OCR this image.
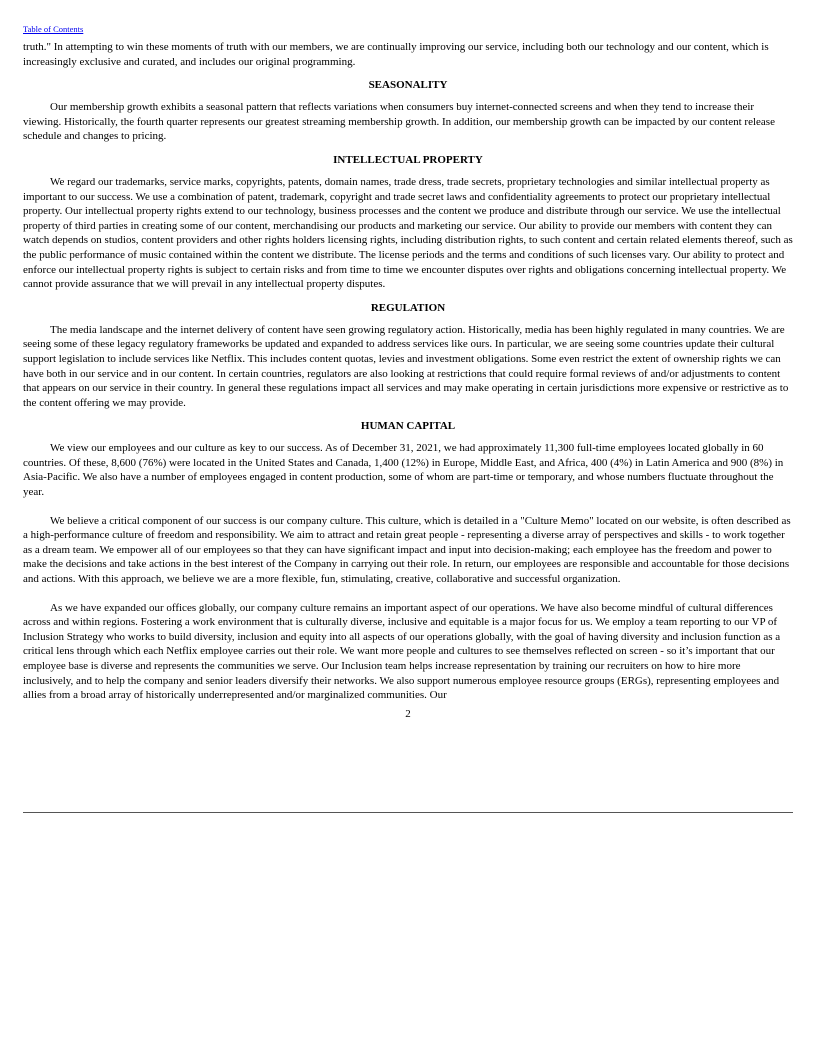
Table of Contents

truth." In attempting to win these moments of truth with our members, we are continually improving our service, including both our technology and our content, which is increasingly exclusive and curated, and includes our original programming.

SEASONALITY

Our membership growth exhibits a seasonal pattern that reflects variations when consumers buy internet-connected screens and when they tend to increase their viewing. Historically, the fourth quarter represents our greatest streaming membership growth. In addition, our membership growth can be impacted by our content release schedule and changes to pricing.

INTELLECTUAL PROPERTY

We regard our trademarks, service marks, copyrights, patents, domain names, trade dress, trade secrets, proprietary technologies and similar intellectual property as important to our success. We use a combination of patent, trademark, copyright and trade secret laws and confidentiality agreements to protect our proprietary intellectual property. Our intellectual property rights extend to our technology, business processes and the content we produce and distribute through our service. We use the intellectual property of third parties in creating some of our content, merchandising our products and marketing our service. Our ability to provide our members with content they can watch depends on studios, content providers and other rights holders licensing rights, including distribution rights, to such content and certain related elements thereof, such as the public performance of music contained within the content we distribute. The license periods and the terms and conditions of such licenses vary. Our ability to protect and enforce our intellectual property rights is subject to certain risks and from time to time we encounter disputes over rights and obligations concerning intellectual property. We cannot provide assurance that we will prevail in any intellectual property disputes.

REGULATION

The media landscape and the internet delivery of content have seen growing regulatory action. Historically, media has been highly regulated in many countries. We are seeing some of these legacy regulatory frameworks be updated and expanded to address services like ours. In particular, we are seeing some countries update their cultural support legislation to include services like Netflix. This includes content quotas, levies and investment obligations. Some even restrict the extent of ownership rights we can have both in our service and in our content. In certain countries, regulators are also looking at restrictions that could require formal reviews of and/or adjustments to content that appears on our service in their country. In general these regulations impact all services and may make operating in certain jurisdictions more expensive or restrictive as to the content offering we may provide.

HUMAN CAPITAL

We view our employees and our culture as key to our success. As of December 31, 2021, we had approximately 11,300 full-time employees located globally in 60 countries. Of these, 8,600 (76%) were located in the United States and Canada, 1,400 (12%) in Europe, Middle East, and Africa, 400 (4%) in Latin America and 900 (8%) in Asia-Pacific. We also have a number of employees engaged in content production, some of whom are part-time or temporary, and whose numbers fluctuate throughout the year.

We believe a critical component of our success is our company culture. This culture, which is detailed in a "Culture Memo" located on our website, is often described as a high-performance culture of freedom and responsibility. We aim to attract and retain great people - representing a diverse array of perspectives and skills - to work together as a dream team. We empower all of our employees so that they can have significant impact and input into decision-making; each employee has the freedom and power to make the decisions and take actions in the best interest of the Company in carrying out their role. In return, our employees are responsible and accountable for those decisions and actions. With this approach, we believe we are a more flexible, fun, stimulating, creative, collaborative and successful organization.

As we have expanded our offices globally, our company culture remains an important aspect of our operations. We have also become mindful of cultural differences across and within regions. Fostering a work environment that is culturally diverse, inclusive and equitable is a major focus for us. We employ a team reporting to our VP of Inclusion Strategy who works to build diversity, inclusion and equity into all aspects of our operations globally, with the goal of having diversity and inclusion function as a critical lens through which each Netflix employee carries out their role. We want more people and cultures to see themselves reflected on screen - so it’s important that our employee base is diverse and represents the communities we serve. Our Inclusion team helps increase representation by training our recruiters on how to hire more inclusively, and to help the company and senior leaders diversify their networks. We also support numerous employee resource groups (ERGs), representing employees and allies from a broad array of historically underrepresented and/or marginalized communities. Our

2
